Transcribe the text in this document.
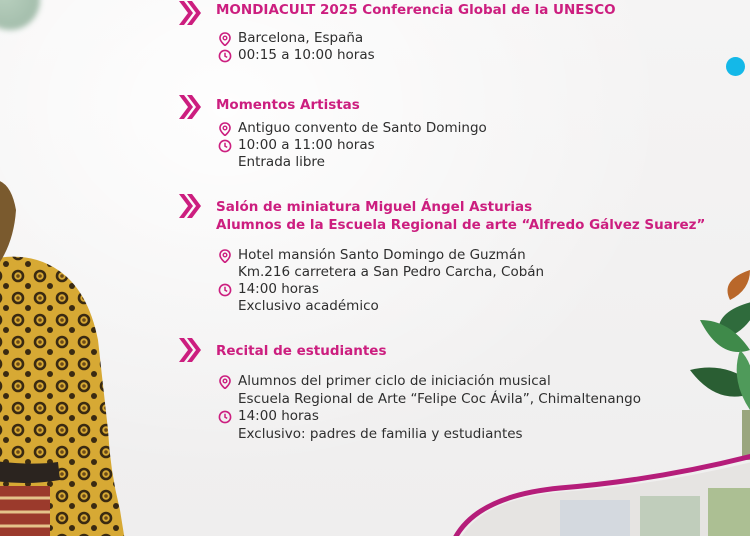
MONDIACULT 2025 Conferencia Global de la UNESCO
Barcelona, España
00:15 a 10:00 horas
Momentos Artistas
Antiguo convento de Santo Domingo
10:00 a 11:00 horas
Entrada libre
Salón de miniatura Miguel Ángel Asturias
Alumnos de la Escuela Regional de arte “Alfredo Gálvez Suarez”
Hotel mansión Santo Domingo de Guzmán
Km.216 carretera a San Pedro Carcha, Cobán
14:00 horas
Exclusivo académico
Recital de estudiantes
Alumnos del primer ciclo de iniciación musical
Escuela Regional de Arte “Felipe Coc Ávila”, Chimaltenango
14:00 horas
Exclusivo: padres de familia y estudiantes
